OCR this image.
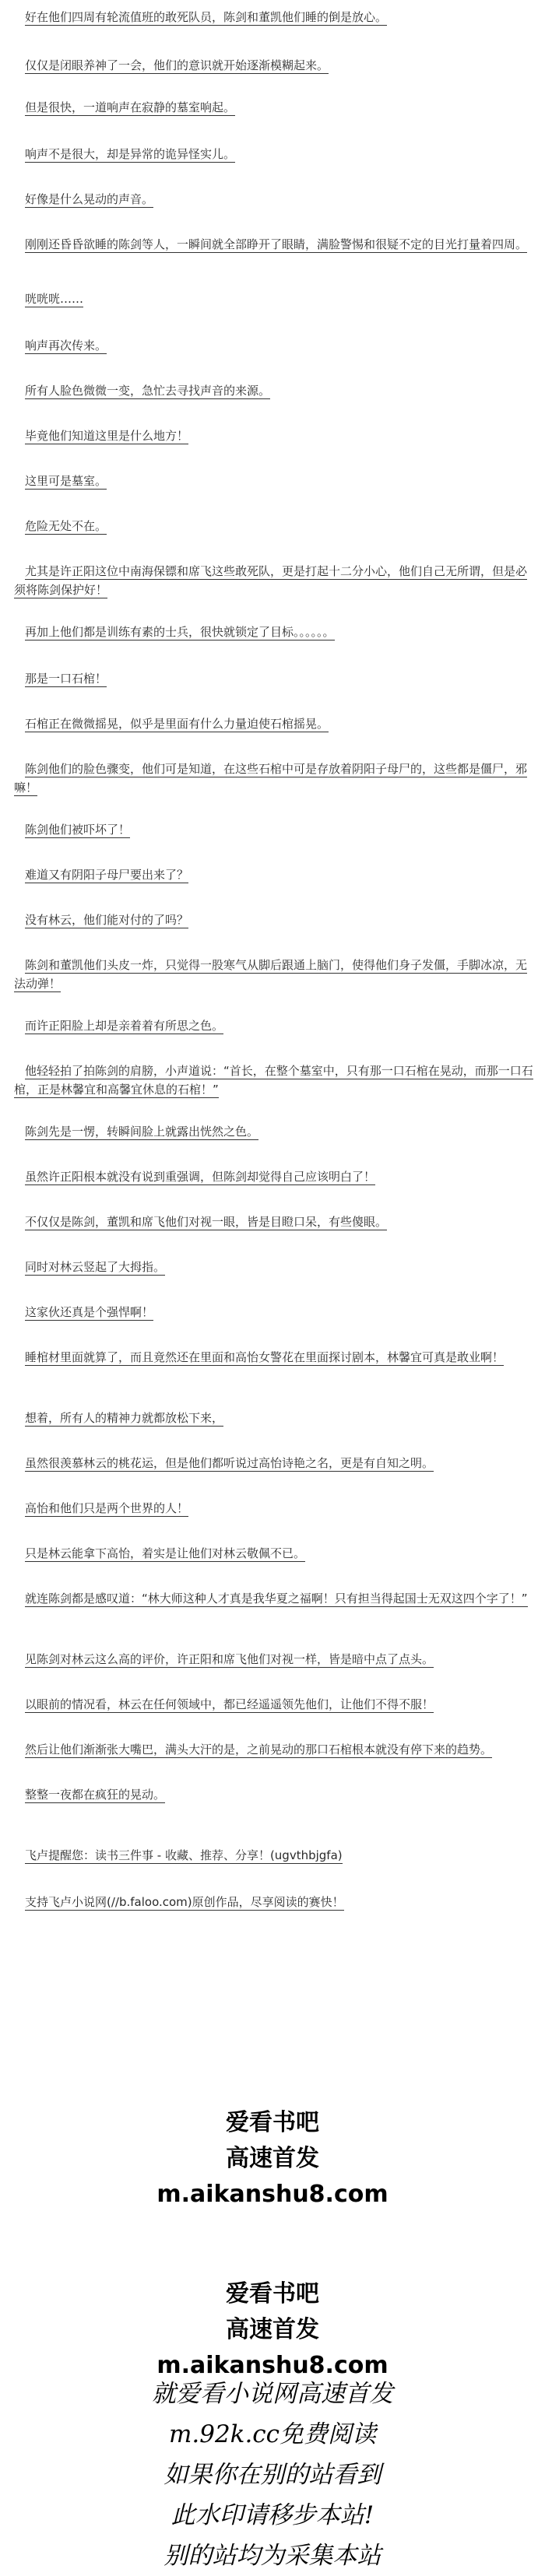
好在他们四周有轮流值班的敢死队员，陈剑和董凯他们睡的倒是放心。

仅仅是闭眼养神了一会，他们的意识就开始逐渐模糊起来。

但是很快，一道响声在寂静的墓室响起。

响声不是很大，却是异常的诡异怪实儿。

好像是什么晃动的声音。

刚刚还昏昏欲睡的陈剑等人，一瞬间就全部睁开了眼睛，满脸警惕和很疑不定的目光打量着四周。

咣咣咣……

响声再次传来。

所有人脸色微微一变，急忙去寻找声音的来源。

毕竟他们知道这里是什么地方！

这里可是墓室。

危险无处不在。

尤其是许正阳这位中南海保镖和席飞这些敢死队，更是打起十二分小心，他们自己无所谓，但是必须将陈剑保护好！

再加上他们都是训练有素的士兵，很快就锁定了目标。。。。。。

那是一口石棺！

石棺正在微微摇晃，似乎是里面有什么力量迫使石棺摇晃。

陈剑他们的脸色骤变，他们可是知道，在这些石棺中可是存放着阴阳子母尸的，这些都是僵尸，邪嘛！

陈剑他们被吓坏了！

难道又有阴阳子母尸要出来了？

没有林云，他们能对付的了吗？

陈剑和董凯他们头皮一炸，只觉得一股寒气从脚后跟通上脑门，使得他们身子发僵，手脚冰凉，无法动弹！

而许正阳脸上却是亲着着有所思之色。

他轻轻拍了拍陈剑的肩膀，小声道说：“首长，在整个墓室中，只有那一口石棺在晃动，而那一口石棺，正是林馨宜和高馨宜休息的石棺！”

陈剑先是一愣，转瞬间脸上就露出恍然之色。

虽然许正阳根本就没有说到重强调，但陈剑却觉得自己应该明白了！

不仅仅是陈剑，董凯和席飞他们对视一眼，皆是目瞪口呆，有些傻眼。

同时对林云竖起了大拇指。

这家伙还真是个强悍啊！

睡棺材里面就算了，而且竟然还在里面和高怡女警花在里面探讨剧本，林馨宜可真是敢业啊！

想着，所有人的精神力就都放松下来，

虽然很羡慕林云的桃花运，但是他们都听说过高怡诗艳之名，更是有自知之明。

高怡和他们只是两个世界的人！

只是林云能拿下高怡，着实是让他们对林云敬佩不已。

就连陈剑都是感叹道：“林大师这种人才真是我华夏之福啊！只有担当得起国士无双这四个字了！”

见陈剑对林云这么高的评价，许正阳和席飞他们对视一样，皆是暗中点了点头。

以眼前的情况看，林云在任何领域中，都已经遥遥领先他们，让他们不得不服！

然后让他们渐渐张大嘴巴，满头大汗的是，之前晃动的那口石棺根本就没有停下来的趋势。

整整一夜都在疯狂的晃动。

飞卢提醒您：读书三件事 - 收藏、推荐、分享！(ugvthbjgfa)

支持飞卢小说网(//b.faloo.com)原创作品，尽享阅读的赛快！

爱看书吧
高速首发
m.aikanshu8.com
爱看书吧
高速首发
m.aikanshu8.com
就爱看小说网高速首发
m.92k.cc免费阅读
如果你在别的站看到
此水印请移步本站!
别的站均为采集本站
